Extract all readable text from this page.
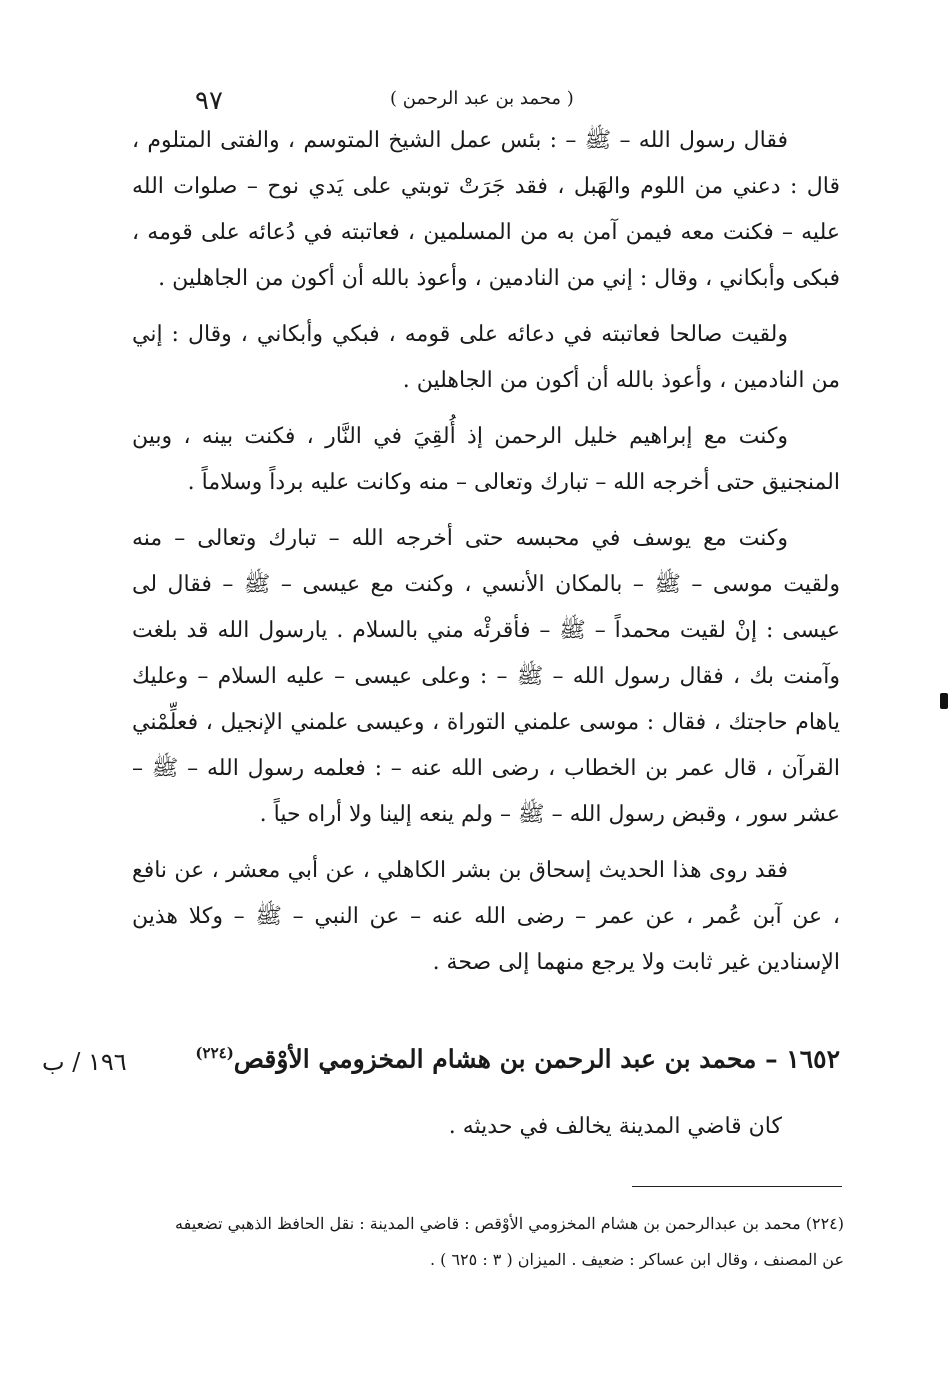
٩٧	( محمد بن عبد الرحمن )

فقال رسول الله – ﷺ – : بئس عمل الشيخ المتوسم ، والفتى المتلوم ، قال : دعني من اللوم والهَبل ، فقد جَرَتْ توبتي على يَدي نوح – صلوات الله عليه – فكنت معه فيمن آمن به من المسلمين ، فعاتبته في دُعائه على قومه ، فبكى وأبكاني ، وقال : إني من النادمين ، وأعوذ بالله أن أكون من الجاهلين .

ولقيت صالحا فعاتبته في دعائه على قومه ، فبكي وأبكاني ، وقال : إني من النادمين ، وأعوذ بالله أن أكون من الجاهلين .

وكنت مع إبراهيم خليل الرحمن إذ أُلقِيَ في النَّار ، فكنت بينه ، وبين المنجنيق حتى أخرجه الله – تبارك وتعالى – منه وكانت عليه برداً وسلاماً .

وكنت مع يوسف في محبسه حتى أخرجه الله – تبارك وتعالى – منه ولقيت موسى – ﷺ – بالمكان الأنسي ، وكنت مع عيسى – ﷺ – فقال لى عيسى : إنْ لقيت محمداً – ﷺ – فأقرئْه مني بالسلام . يارسول الله قد بلغت وآمنت بك ، فقال رسول الله – ﷺ – : وعلى عيسى – عليه السلام – وعليك ياهام حاجتك ، فقال : موسى علمني التوراة ، وعيسى علمني الإنجيل ، فعلِّمْني القرآن ، قال عمر بن الخطاب ، رضى الله عنه – : فعلمه رسول الله – ﷺ – عشر سور ، وقبض رسول الله – ﷺ – ولم ينعه إلينا ولا أراه حياً .

فقد روى هذا الحديث إسحاق بن بشر الكاهلي ، عن أبي معشر ، عن نافع ، عن آبن عُمر ، عن عمر – رضى الله عنه – عن النبي – ﷺ – وكلا هذين الإسنادين غير ثابت ولا يرجع منهما إلى صحة .

١٦٥٢ – محمد بن عبد الرحمن بن هشام المخزومي الأوْقص$^{(٢٢٤)}$
١٩٦ / ب
كان قاضي المدينة يخالف في حديثه .

(٢٢٤) محمد بن عبدالرحمن بن هشام المخزومي الأوْقص : قاضي المدينة : نقل الحافظ الذهبي تضعيفه

عن المصنف ، وقال ابن عساكر : ضعيف . الميزان ( ٣ : ٦٢٥ ) .
